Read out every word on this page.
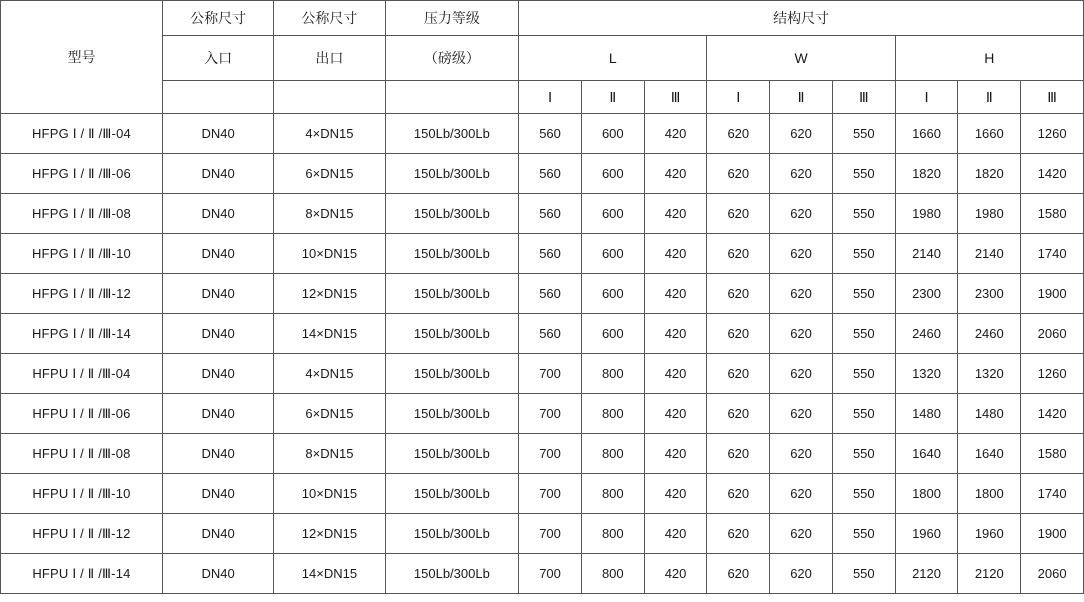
型号	公称尺寸	公称尺寸	压力等级	结构尺寸								
	入口	出口	（磅级）	L			W			H		
				Ⅰ	Ⅱ	Ⅲ	Ⅰ	Ⅱ	Ⅲ	Ⅰ	Ⅱ	Ⅲ
HFPG Ⅰ / Ⅱ /Ⅲ-04	DN40	4×DN15	150Lb/300Lb	560	600	420	620	620	550	1660	1660	1260
HFPG Ⅰ / Ⅱ /Ⅲ-06	DN40	6×DN15	150Lb/300Lb	560	600	420	620	620	550	1820	1820	1420
HFPG Ⅰ / Ⅱ /Ⅲ-08	DN40	8×DN15	150Lb/300Lb	560	600	420	620	620	550	1980	1980	1580
HFPG Ⅰ / Ⅱ /Ⅲ-10	DN40	10×DN15	150Lb/300Lb	560	600	420	620	620	550	2140	2140	1740
HFPG Ⅰ / Ⅱ /Ⅲ-12	DN40	12×DN15	150Lb/300Lb	560	600	420	620	620	550	2300	2300	1900
HFPG Ⅰ / Ⅱ /Ⅲ-14	DN40	14×DN15	150Lb/300Lb	560	600	420	620	620	550	2460	2460	2060
HFPU Ⅰ / Ⅱ /Ⅲ-04	DN40	4×DN15	150Lb/300Lb	700	800	420	620	620	550	1320	1320	1260
HFPU Ⅰ / Ⅱ /Ⅲ-06	DN40	6×DN15	150Lb/300Lb	700	800	420	620	620	550	1480	1480	1420
HFPU Ⅰ / Ⅱ /Ⅲ-08	DN40	8×DN15	150Lb/300Lb	700	800	420	620	620	550	1640	1640	1580
HFPU Ⅰ / Ⅱ /Ⅲ-10	DN40	10×DN15	150Lb/300Lb	700	800	420	620	620	550	1800	1800	1740
HFPU Ⅰ / Ⅱ /Ⅲ-12	DN40	12×DN15	150Lb/300Lb	700	800	420	620	620	550	1960	1960	1900
HFPU Ⅰ / Ⅱ /Ⅲ-14	DN40	14×DN15	150Lb/300Lb	700	800	420	620	620	550	2120	2120	2060
